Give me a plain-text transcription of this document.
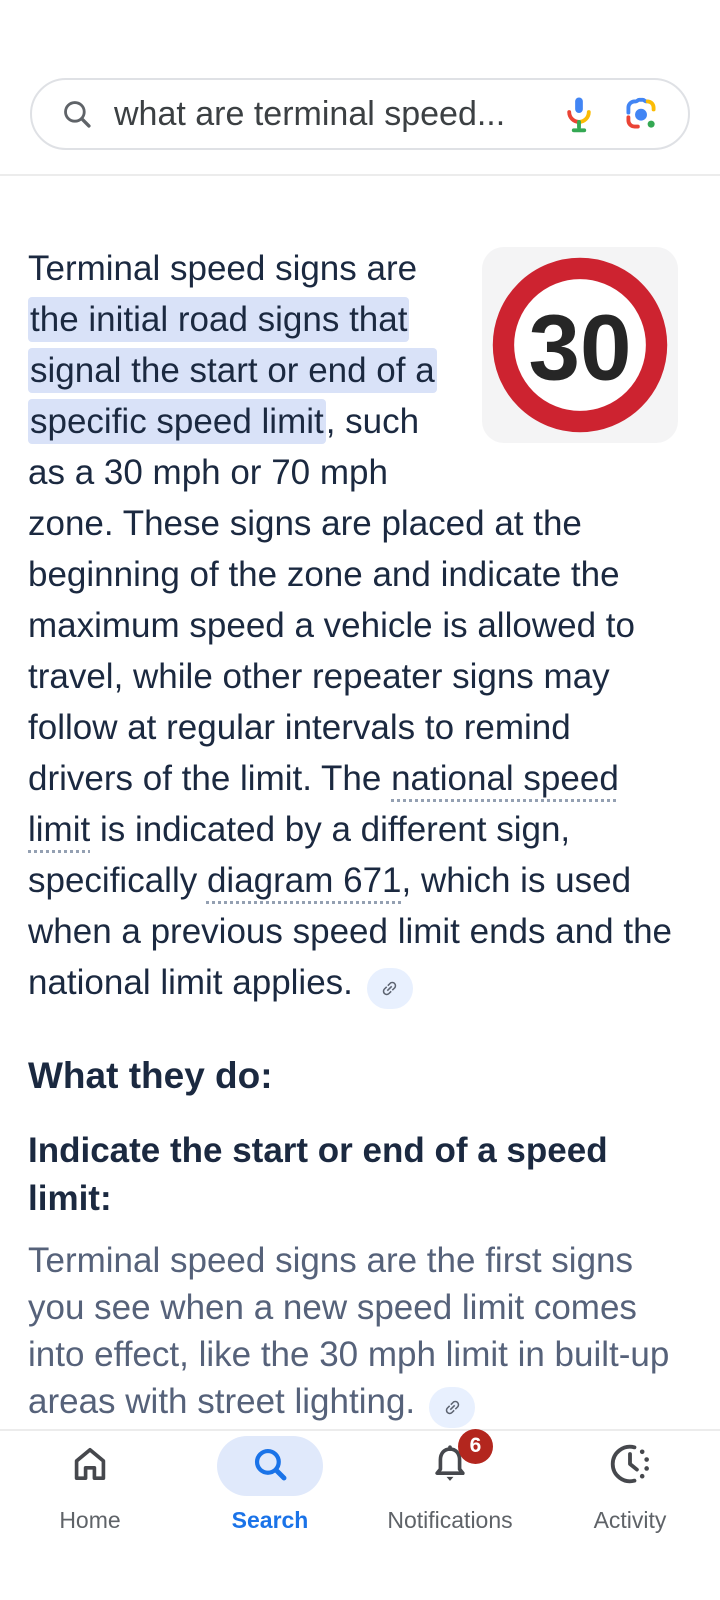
what are terminal speed...

30
Terminal speed signs are the initial road signs that signal the start or end of a specific speed limit, such as a 30 mph or 70 mph zone. These signs are placed at the beginning of the zone and indicate the maximum speed a vehicle is allowed to travel, while other repeater signs may follow at regular intervals to remind drivers of the limit. The national speed limit is indicated by a different sign, specifically diagram 671, which is used when a previous speed limit ends and the national limit applies.

What they do:
Indicate the start or end of a speed limit:

Terminal speed signs are the first signs you see when a new speed limit comes into effect, like the 30 mph limit in built-up areas with street lighting.

Home	Search
6
Notifications	Activity
